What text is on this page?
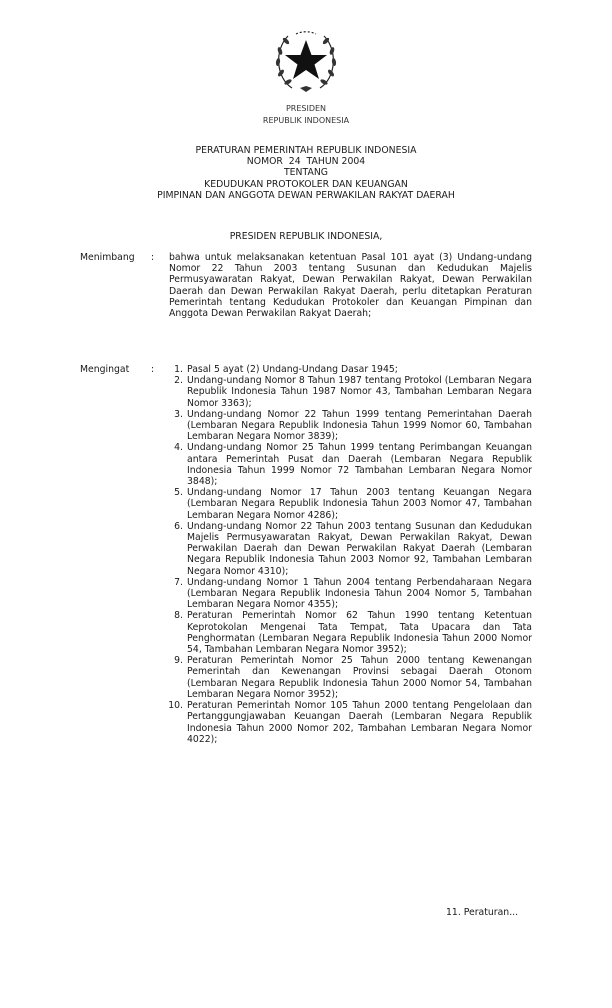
PRESIDEN
REPUBLIK INDONESIA
PERATURAN PEMERINTAH REPUBLIK INDONESIA
NOMOR  24  TAHUN 2004
TENTANG
KEDUDUKAN PROTOKOLER DAN KEUANGAN
PIMPINAN DAN ANGGOTA DEWAN PERWAKILAN RAKYAT DAERAH
PRESIDEN REPUBLIK INDONESIA,
Menimbang : bahwa untuk melaksanakan ketentuan Pasal 101 ayat (3) Undang-undang Nomor 22 Tahun 2003 tentang Susunan dan Kedudukan Majelis Permusyawaratan Rakyat, Dewan Perwakilan Rakyat, Dewan Perwakilan Daerah dan Dewan Perwakilan Rakyat Daerah, perlu ditetapkan Peraturan Pemerintah tentang Kedudukan Protokoler dan Keuangan Pimpinan dan Anggota Dewan Perwakilan Rakyat Daerah;
Mengingat :	1. Pasal 5 ayat (2) Undang-Undang Dasar 1945;
2. Undang-undang Nomor 8 Tahun 1987 tentang Protokol (Lembaran Negara Republik Indonesia Tahun 1987 Nomor 43, Tambahan Lembaran Negara Nomor 3363);
3. Undang-undang Nomor 22 Tahun 1999 tentang Pemerintahan Daerah (Lembaran Negara Republik Indonesia Tahun 1999 Nomor 60, Tambahan Lembaran Negara Nomor 3839);
4. Undang-undang Nomor 25 Tahun 1999 tentang Perimbangan Keuangan antara Pemerintah Pusat dan Daerah (Lembaran Negara Republik Indonesia Tahun 1999 Nomor 72 Tambahan Lembaran Negara Nomor 3848);
5. Undang-undang Nomor 17 Tahun 2003 tentang Keuangan Negara (Lembaran Negara Republik Indonesia Tahun 2003 Nomor 47, Tambahan Lembaran Negara Nomor 4286);
6. Undang-undang Nomor 22 Tahun 2003 tentang Susunan dan Kedudukan Majelis Permusyawaratan Rakyat, Dewan Perwakilan Rakyat, Dewan Perwakilan Daerah dan Dewan Perwakilan Rakyat Daerah (Lembaran Negara Republik Indonesia Tahun 2003 Nomor 92, Tambahan Lembaran Negara Nomor 4310);
7. Undang-undang Nomor 1 Tahun 2004 tentang Perbendaharaan Negara (Lembaran Negara Republik Indonesia Tahun 2004 Nomor 5, Tambahan Lembaran Negara Nomor 4355);
8. Peraturan Pemerintah Nomor 62 Tahun 1990 tentang Ketentuan Keprotokolan Mengenai Tata Tempat, Tata Upacara dan Tata Penghormatan (Lembaran Negara Republik Indonesia Tahun 2000 Nomor 54, Tambahan Lembaran Negara Nomor 3952);
9. Peraturan Pemerintah Nomor 25 Tahun 2000 tentang Kewenangan Pemerintah dan Kewenangan Provinsi sebagai Daerah Otonom (Lembaran Negara Republik Indonesia Tahun 2000 Nomor 54, Tambahan Lembaran Negara Nomor 3952);
10. Peraturan Pemerintah Nomor 105 Tahun 2000 tentang Pengelolaan dan Pertanggungjawaban Keuangan Daerah (Lembaran Negara Republik Indonesia Tahun 2000 Nomor 202, Tambahan Lembaran Negara Nomor 4022);
11. Peraturan...
